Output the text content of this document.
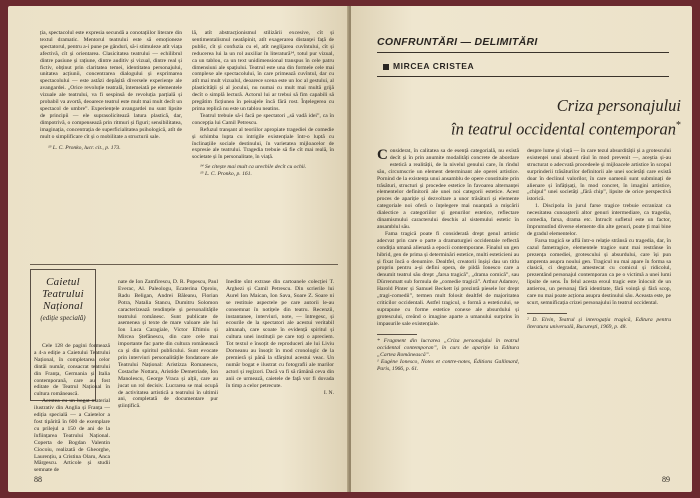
ția, spectacolul este expresia secundă a conotațiilor literare din textul dramatic. Mentorul teatrului este să emoționeze spectatorul, pentru a-i pune pe gânduri, să-i stimuleze atît viața afectivă, cît și orientarea. Clasicitatea teatrului — echilibrul dintre pasiune și rațiune, dintre auditiv și vizual, dintre real și fictiv, obținut prin claritatea temei, identitatea personajului, unitatea acțiunii, concentrarea dialogului și exprimarea spectacolului — este astăzi depășită diversele experiențe ale avangardei. „Orice revoluție teatrală, întemeiată pe elementele vizuale ale teatrului, va fi sespinsă de revoluția parțială și probabil va avortă, deoarece teatrul este mult mai mult decît un spectacol de umbre”. Experiențele avangardei nu sunt lipsite de principii — ele suprasolicitează latura plastică, dar, dimpotrivă, o compensează prin ritmuri și figuri; sensibilitatea, imaginația, concentrația de superficialitatea psihologică, atît de mult o simplificare cît și o mobilitate a structurii sale.

¹³ L. C. Pronko, lucr. cit., p. 173.

lă, atît abstracționismul stilizării excesive, cît și sentimentalismul neatâpinit, atît exagerarea distanței față de public, cît și confuzia cu el, atît neglijarea cuvîntului, cît și reducerea lui la un rol auxiliar în literatură¹⁴, totul pur vizual, ca un tablou, ca un text unidimensional transpus în cele patru dimensiuni ale spațiului. Teatrul este una din formele cele mai complexe ale spectacolului, în care primează cuvîntul, dar cu atît mai mult vizualul, deoarece scena este un loc al gestului, al plasticității și al jocului, nu numai cu mult mai multă grijă decît o simplă lectură. Actorul lui ar trebui să fim capabili să pregătim ficțiunea în peisajele încă fără rost. Înțelegerea cu prima replică nu este un tablou neatins.

Teatrul trebuie să-i facă pe spectatori „să vadă idei”, ca în concepția lui Camil Petrescu.

Refuzul tranșant al teoriilor apropiate tragediei de comedie și schimba lupta cu intrigile existențiale într-o luptă cu înclinațiile sociale destinului, în varietatea mijloacelor de expresie ale teatrului. Tragedia trebuie să fie cît mai reală, în societate și în personalitate, în viață.

¹⁴ Se citește mai mult ca urechile decît cu ochii.

¹⁵ L. C. Pronko, p. 161.

Caietul Teatrului Național
(ediție specială)

Cele 128 de pagini formează a 4-a ediție a Caietului Teatrului Național, în completarea celor dintâi număr, consacrat teatrului din Franța, Germania și Italia contemporană, care au fost editate de Teatrul Național în cultura românească.

Acestea cu un bogat material ilustrativ din Anglia și Franța — ediția specială — a Caietelor a fost tipărită în 600 de exemplare cu prilejul a 150 de ani de la înființarea Teatrului Național. Coperta de Bogdan Valentin Ciocoiu, realizată de Gheorghe, Laurențiu, a Cristina Olaru, Anca Mărgescu. Articole și studii semnate de

nate de Ion Zamfirescu, D. R. Popescu, Paul Everac, Al. Paleologu, Ecaterina Oproiu, Radu Beligan, Andrei Băleanu, Florian Potra, Natalia Stancu, Dumitru Solomon caracterizează tendințele și personalitățile teatrului românesc. Sunt publicate de asemenea și texte de mare valoare ale lui Ion Luca Caragiale, Victor Eftimiu și Mircea Ștefănescu, din care cele mai importante fac parte din cultura românească ca și din spiritul publicului. Sunt evocate prin interviuri personalitățile fondatoare ale Teatrului Național: Aristizza Romanescu, Costache Nottara, Aristide Demetriade, Ion Manolescu, George Vraca și alții, care au jucat un rol decisiv. Lucrarea se mai ocupă de activitatea artistică a teatrului în ultimii ani, completată de documentare pur științifică.

Inedite sînt extrase din cartoanele colecției T. Arghezi și Camil Petrescu. Din scrierile lui Aurel Ion Maican, Ion Sava, Soare Z. Soare ni se restituie aspectele pe care autorii le-au consemnat în notițele din teatru. Recenzii, instantanee, interviuri, note, — întregesc, și ecourile de la spectatori ale acestui veritabil almanah, care scoate în evidență spiritul și cultura unei instituții pe care toți o apreciem. Tot textul e însoțit de reproduceri ale lui Liviu Dorneanu au însoțit în mod cronologic de la premieră și până la sfârșitul acestui veac. Un număr bogat e ilustrat cu fotografii ale marilor actori și regizori. Dacă va fi să rămână ceva din anii ce urmează, caietele de față vor fi dovada în timp a celor petrecute.

I. N.

88
CONFRUNTĂRI — DELIMITĂRI
MIRCEA CRISTEA
Criza personajului
în teatrul occidental contemporan*

Considerat, în calitatea sa de esență categorială, nu există decît și în prin anumite modalități concrete de abordare estetică a realității, de la nivelul genului care, în rîndul său, circumscrie un element determinant ale operei artistice. Pornind de la existența unui ansamblu de opere constituite prin trăsături, structuri și procedee estetice în favoarea alternanței elementelor definitorii ale unei noi categorii estetice. Acest proces de apariție și dezvoltare a unor trăsături și elemente categoriale noi oferă o înțelegere mai nuanțată a mișcării dialectice a categoriilor și genurilor estetice, reflectare dinamismului caracterului deschis al sistemului estetic în ansamblul său.

Fama tragică poate fi considerată drept genul artistic adecvat prin care o parte a dramaturgiei occidentale reflectă condiția umană alienată a epocii contemporane. Finalul un gen hibrid, gen de prima și determinări estetice, multi esteticieni au și fixat încă o denumire. Dealtfel, creatorii înșiși dau un titlu propriu pentru a-și defini opera, de pildă Ionesco care a denumit teatrul său drept „farsa tragică”, „drama comică”, sau Dürrenmatt sub formula de „comedie tragică”. Arthur Adamov, Harold Pinter și Samuel Beckett își prezintă piesele lor drept „tragi-comedii”, termen mult folosit dealtfel de majoritatea criticilor occidentali. Astfel tragicul, o formă a esteticului, se suprapune cu forme estetice conexe ale absurdului și grotescului, creând o imagine aparte a umanului surprins în impasurile sale existențiale.

* Fragment din lucrarea „Criza personajului în teatrul occidental contemporan”, în curs de apariție la Editura „Cartea Românească”.

¹ Eugène Ionesco, Notes et contre-notes, Éditions Gallimard, Paris, 1966, p. 61.

despre lume și viață — în care tezul absurdității și a grotescului existenței unui absurd răul în mod prevenit —, aceștia și-au structurat o adecvată procedeele și mijloacele artistice în scopul surprinderii trăsăturilor definitorii ale unei societăți care există doar în declinul valorilor, în care oamenii sunt subminați de alienare și înfățișați, în mod concret, în imagini artistice, „chipul” unei societăți „fără chip”, lipsite de orice perspectivă istorică.

1. Discipola în jurul farse tragice trebuie ecranizat ca necesitatea cunoașterii altor genuri intermediare, ca tragedia, comedia, farsa, drama etc. Intrucît sufletul este un factor, împrumutînd diverse elemente din alte genuri, poate ți mai bine de gradul elementelor.

Farsa tragică se află într-o relație strânsă cu tragedia, dar, în cazul fametragice, elementele tragice sunt mai restrânse în prezența comediei, grotescului și absurdului, care își pun amprenta asupra noului gen. Tragicul nu mai apare în forma sa clasică, ci degradat, amestecat cu comicul și ridicolul, prezentând personajul contemporan ca pe o victimă a unei lumi lipsite de sens. În felul acesta eroul tragic este înlocuit de un antierou, un personaj fără identitate, fără voință și fără scop, care nu mai poate acționa asupra destinului său. Aceasta este, pe scurt, semnificația crizei personajului în teatrul occidental.

² D. Elvin, Teatrul și interogația tragică, Editura pentru literatura universală, București, 1969, p. 48.

89
